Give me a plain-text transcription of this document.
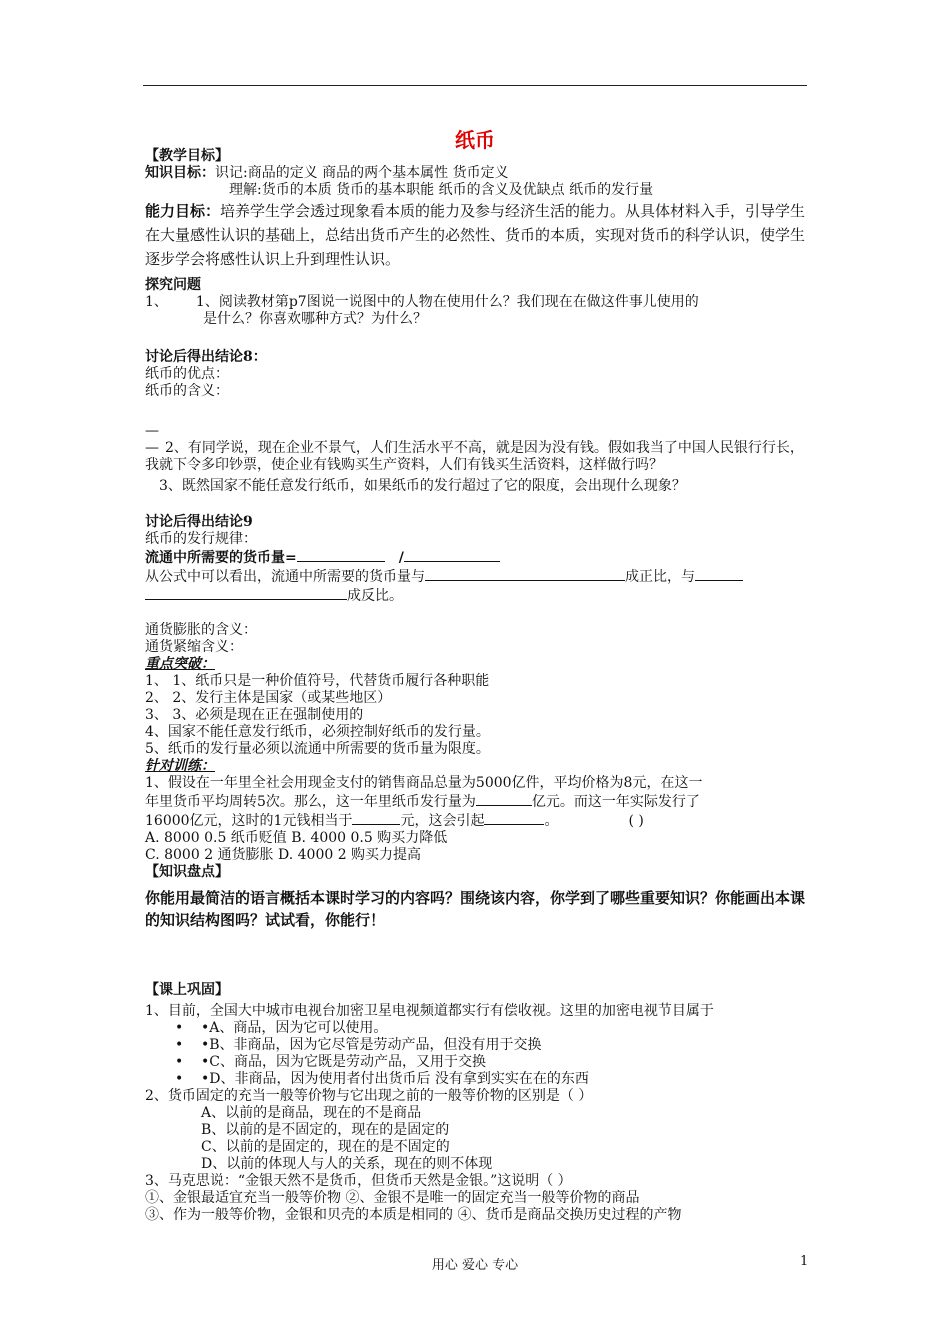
纸币

【教学目标】

知识目标：识记:商品的定义 商品的两个基本属性 货币定义

理解:货币的本质 货币的基本职能 纸币的含义及优缺点 纸币的发行量

能力目标：培养学生学会透过现象看本质的能力及参与经济生活的能力。从具体材料入手，引导学生在大量感性认识的基础上，总结出货币产生的必然性、货币的本质，实现对货币的科学认识，使学生逐步学会将感性认识上升到理性认识。

探究问题

1、 1、阅读教材第p7图说一说图中的人物在使用什么？我们现在在做这件事儿使用的

是什么？你喜欢哪种方式？为什么？

讨论后得出结论8：

纸币的优点：

纸币的含义：

—

— 2、有同学说，现在企业不景气，人们生活水平不高，就是因为没有钱。假如我当了中国人民银行行长，我就下令多印钞票，使企业有钱购买生产资料，人们有钱买生活资料，这样做行吗？

3、既然国家不能任意发行纸币，如果纸币的发行超过了它的限度，会出现什么现象？

讨论后得出结论9

纸币的发行规律：

流通中所需要的货币量=	/

从公式中可以看出，流通中所需要的货币量与	成正比，与

成反比。

通货膨胀的含义：

通货紧缩含义：

重点突破：

1、 1、纸币只是一种价值符号，代替货币履行各种职能

2、 2、发行主体是国家（或某些地区）

3、 3、必须是现在正在强制使用的

4、国家不能任意发行纸币，必须控制好纸币的发行量。

5、纸币的发行量必须以流通中所需要的货币量为限度。

针对训练：

1、假设在一年里全社会用现金支付的销售商品总量为5000亿件，平均价格为8元，在这一

年里货币平均周转5次。那么，这一年里纸币发行量为	亿元。而这一年实际发行了

16000亿元，这时的1元钱相当于	元，这会引起	。	( )

A. 8000 0.5 纸币贬值 B. 4000 0.5 购买力降低

C. 8000 2 通货膨胀 D. 4000 2 购买力提高

【知识盘点】

你能用最简洁的语言概括本课时学习的内容吗？围绕该内容，你学到了哪些重要知识？你能画出本课的知识结构图吗？试试看，你能行！

【课上巩固】

1、目前，全国大中城市电视台加密卫星电视频道都实行有偿收视。这里的加密电视节目属于

• •A、商品，因为它可以使用。

• •B、非商品，因为它尽管是劳动产品，但没有用于交换

• •C、商品，因为它既是劳动产品，又用于交换

• •D、非商品，因为使用者付出货币后 没有拿到实实在在的东西

2、货币固定的充当一般等价物与它出现之前的一般等价物的区别是（ ）

A、以前的是商品，现在的不是商品

B、以前的是不固定的，现在的是固定的

C、以前的是固定的，现在的是不固定的

D、以前的体现人与人的关系，现在的则不体现

3、马克思说：“金银天然不是货币，但货币天然是金银。”这说明（ ）

①、金银最适宜充当一般等价物 ②、金银不是唯一的固定充当一般等价物的商品

③、作为一般等价物，金银和贝壳的本质是相同的 ④、货币是商品交换历史过程的产物

用心 爱心 专心	1
